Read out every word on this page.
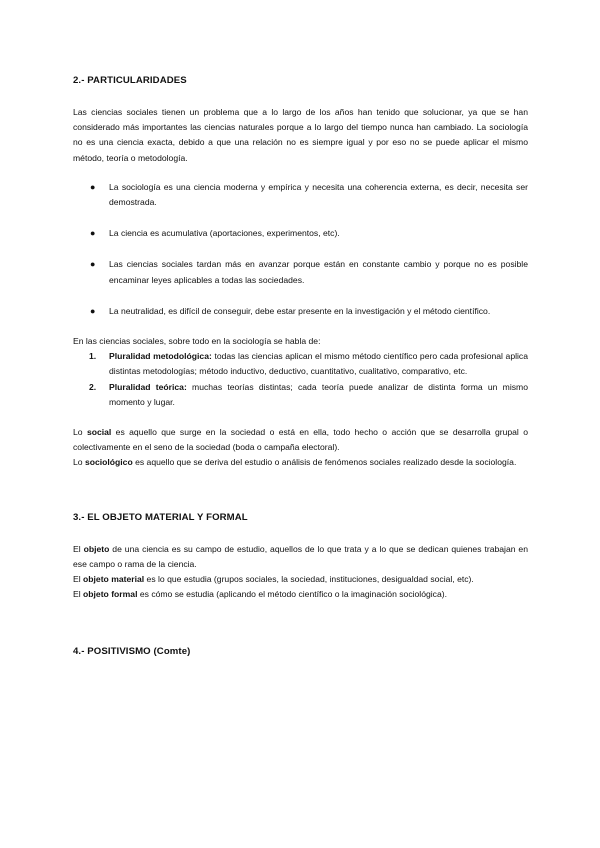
2.- PARTICULARIDADES

Las ciencias sociales tienen un problema que a lo largo de los años han tenido que solucionar, ya que se han considerado más importantes las ciencias naturales porque a lo largo del tiempo nunca han cambiado. La sociología no es una ciencia exacta, debido a que una relación no es siempre igual y por eso no se puede aplicar el mismo método, teoría o metodología.

● La sociología es una ciencia moderna y empírica y necesita una coherencia externa, es decir, necesita ser demostrada.
● La ciencia es acumulativa (aportaciones, experimentos, etc).
● Las ciencias sociales tardan más en avanzar porque están en constante cambio y porque no es posible encaminar leyes aplicables a todas las sociedades.
● La neutralidad, es difícil de conseguir, debe estar presente en la investigación y el método científico.

En las ciencias sociales, sobre todo en la sociología se habla de:

1. Pluralidad metodológica: todas las ciencias aplican el mismo método científico pero cada profesional aplica distintas metodologías; método inductivo, deductivo, cuantitativo, cualitativo, comparativo, etc.
2. Pluralidad teórica: muchas teorías distintas; cada teoría puede analizar de distinta forma un mismo momento y lugar.

Lo social es aquello que surge en la sociedad o está en ella, todo hecho o acción que se desarrolla grupal o colectivamente en el seno de la sociedad (boda o campaña electoral).

Lo sociológico es aquello que se deriva del estudio o análisis de fenómenos sociales realizado desde la sociología.

3.- EL OBJETO MATERIAL Y FORMAL

El objeto de una ciencia es su campo de estudio, aquellos de lo que trata y a lo que se dedican quienes trabajan en ese campo o rama de la ciencia.

El objeto material es lo que estudia (grupos sociales, la sociedad, instituciones, desigualdad social, etc).

El objeto formal es cómo se estudia (aplicando el método científico o la imaginación sociológica).

4.- POSITIVISMO (Comte)
